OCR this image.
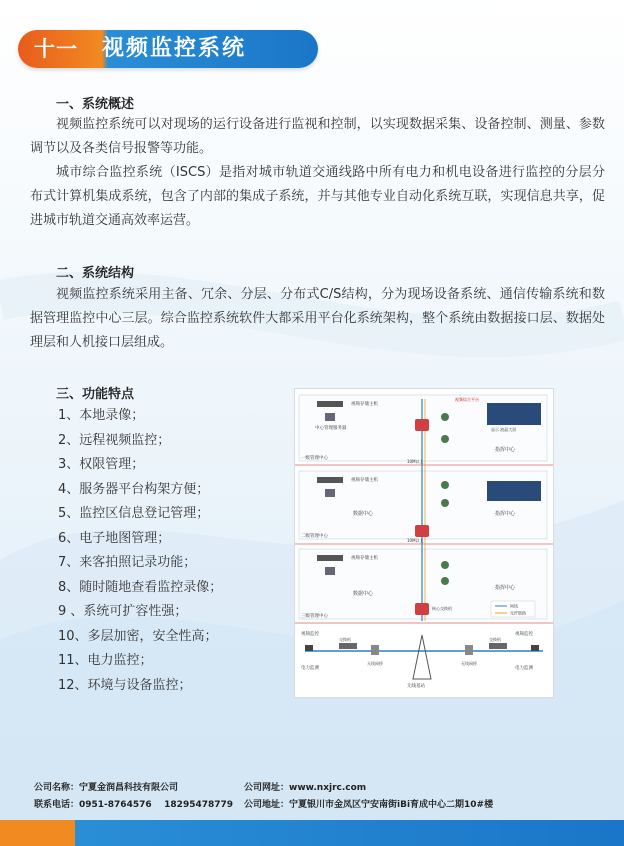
十一 视频监控系统
一、系统概述
视频监控系统可以对现场的运行设备进行监视和控制，以实现数据采集、设备控制、测量、参数调节以及各类信号报警等功能。
城市综合监控系统（ISCS）是指对城市轨道交通线路中所有电力和机电设备进行监控的分层分布式计算机集成系统，包含了内部的集成子系统，并与其他专业自动化系统互联，实现信息共享，促进城市轨道交通高效率运营。
二、系统结构
视频监控系统采用主备、冗余、分层、分布式C/S结构，分为现场设备系统、通信传输系统和数据管理监控中心三层。综合监控系统软件大都采用平台化系统架构，整个系统由数据接口层、数据处理层和人机接口层组成。
三、功能特点
1、本地录像；
2、远程视频监控；
3、权限管理；
4、服务器平台构架方便；
5、监控区信息登记管理；
6、电子地图管理；
7、来客拍照记录功能；
8、随时随地查看监控录像；
9 、系统可扩容性强；
10、多层加密，安全性高；
11、电力监控；
12、环境与设备监控；
视频存储主机
中心管理服务器
视频综合平台
显示 液晶大屏
指挥中心
一级管理中心
10M以上
视频存储主机
数据中心	指挥中心
二级管理中心
10M以上
视频存储主机
数据中心
指挥中心
核心交换机
三级管理中心
网线
光纤链路
视频监控
电力监测
交换机
无线网桥
无线基站
无线网桥
交换机
视频监控
电力监测
公司名称：宁夏金润昌科技有限公司
联系电话：0951-8764576    18295478779
公司网址：www.nxjrc.com
公司地址：宁夏银川市金凤区宁安南街iBi育成中心二期10#楼
